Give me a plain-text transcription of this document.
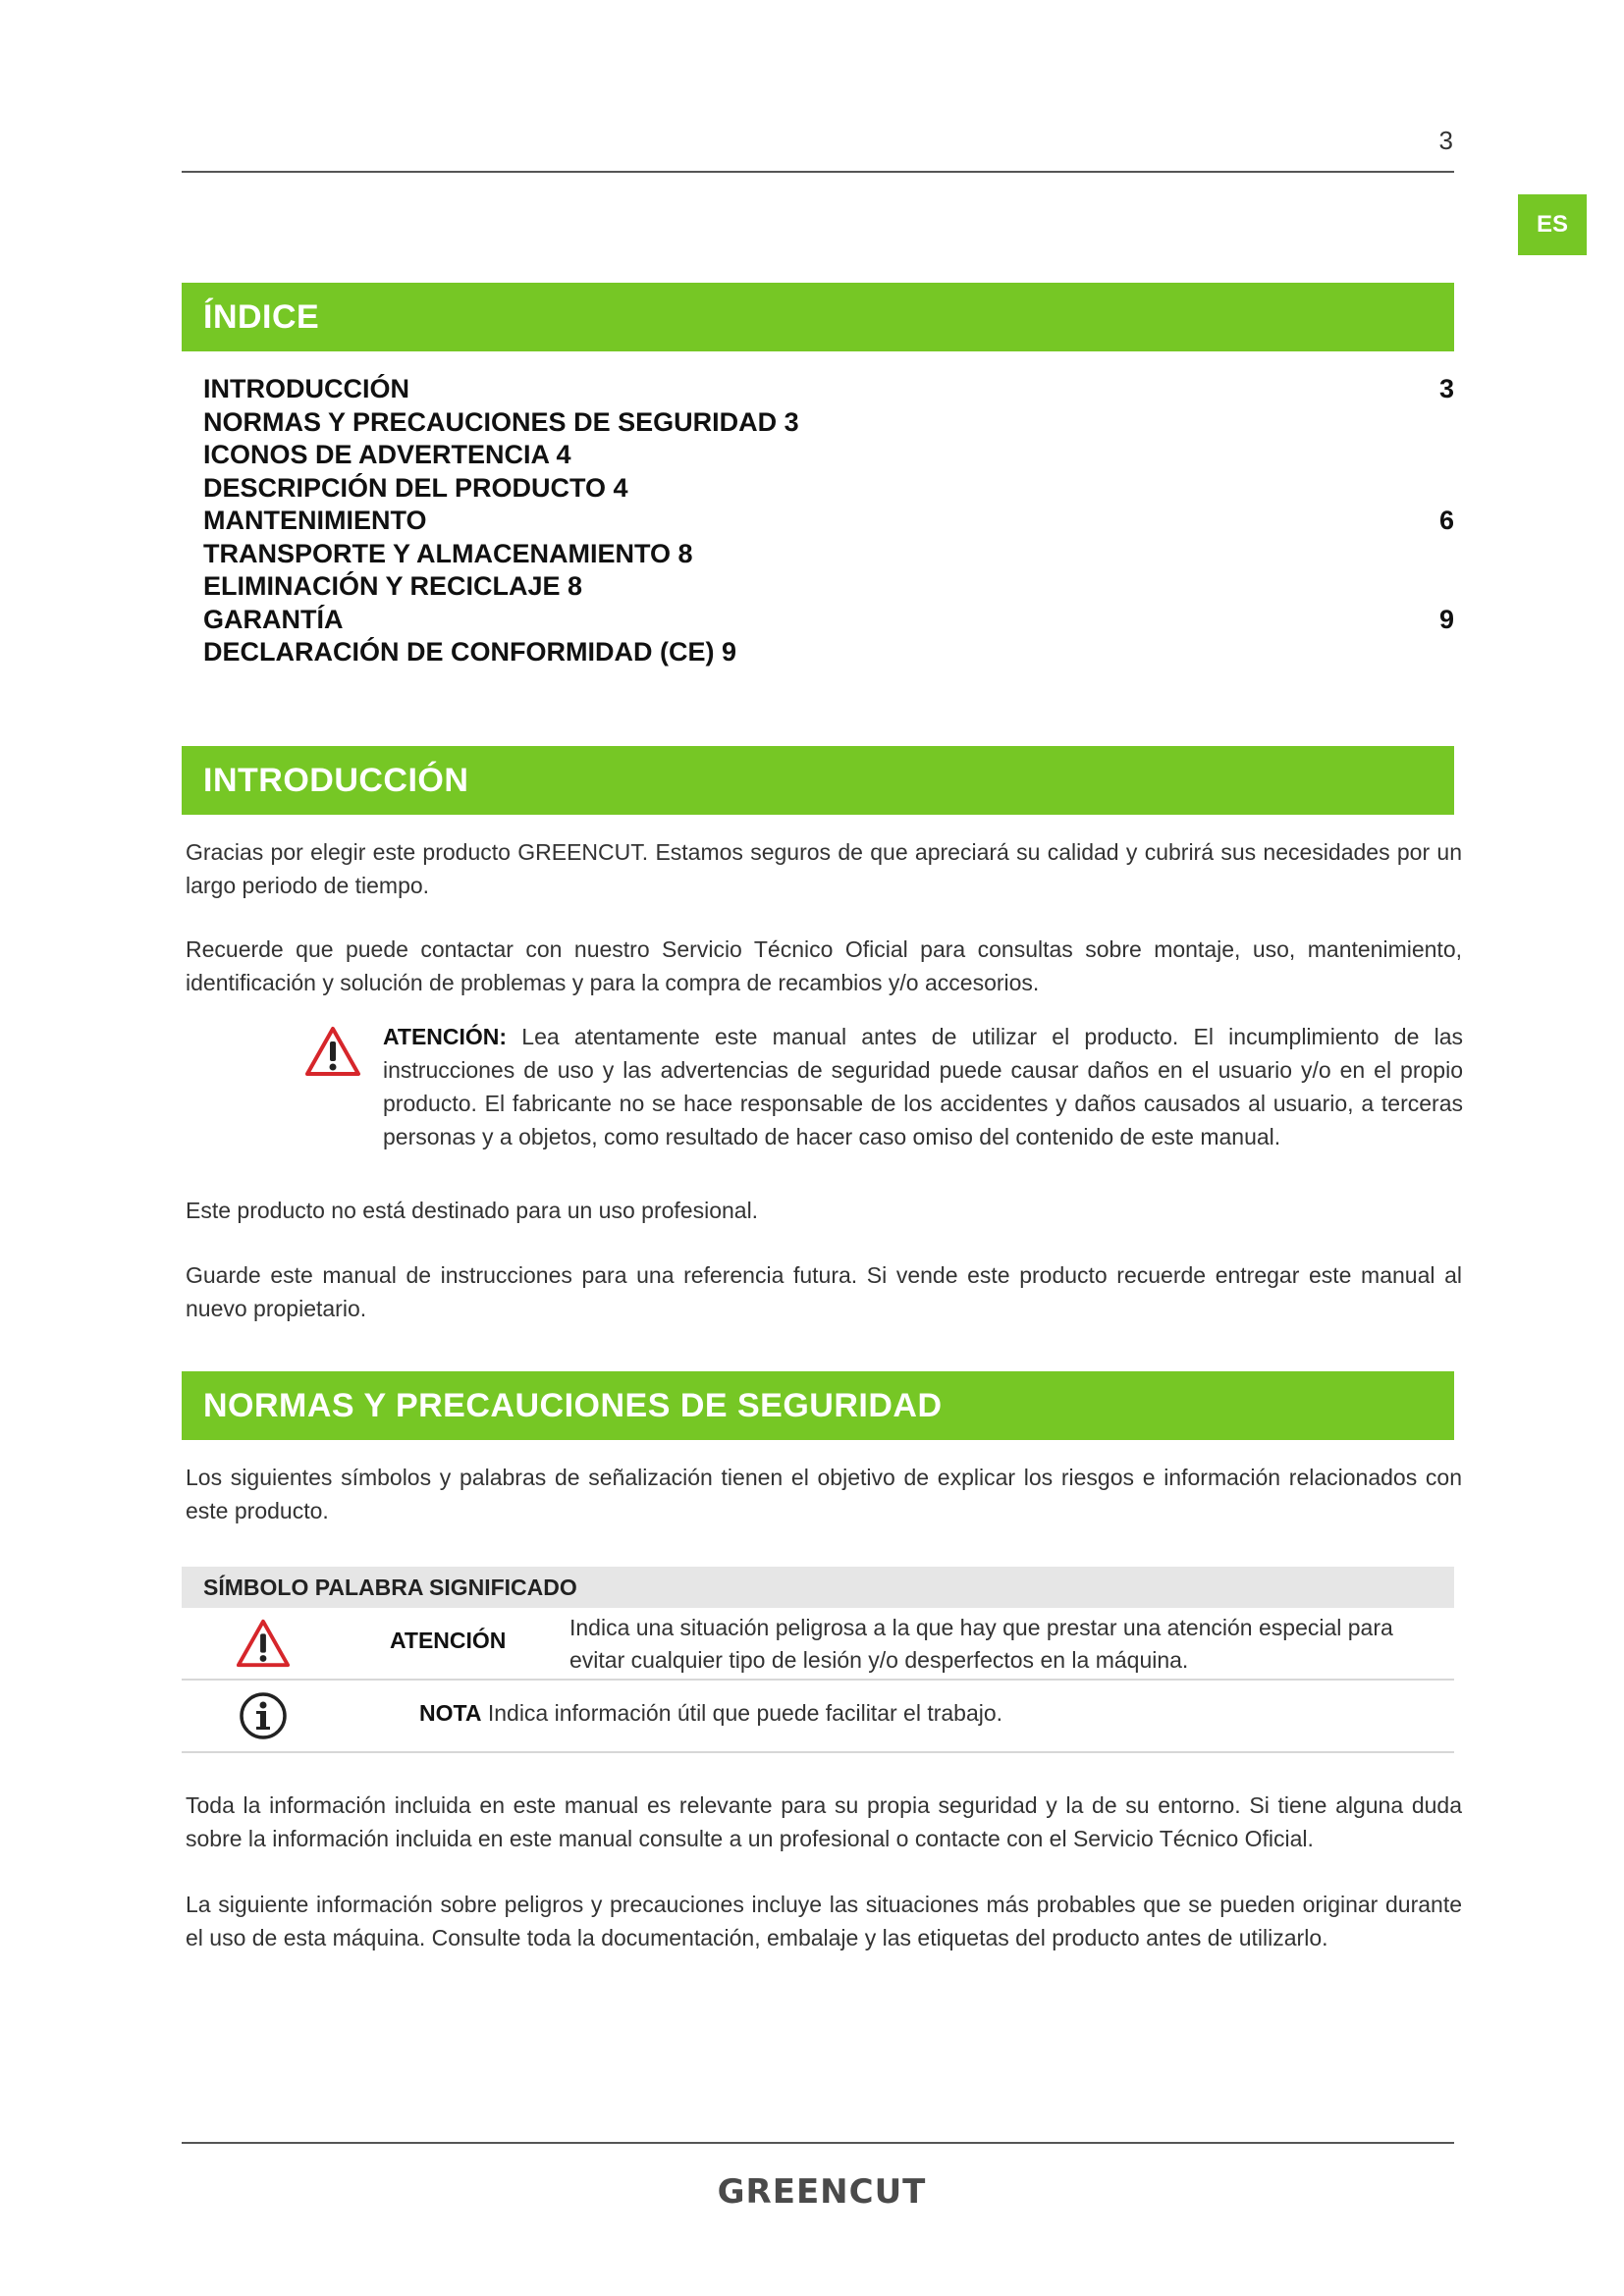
3
ES
ÍNDICE
INTRODUCCIÓN	3
NORMAS Y PRECAUCIONES DE SEGURIDAD 3
ICONOS DE ADVERTENCIA 4
DESCRIPCIÓN DEL PRODUCTO 4
MANTENIMIENTO	6
TRANSPORTE Y ALMACENAMIENTO 8
ELIMINACIÓN Y RECICLAJE 8
GARANTÍA	9
DECLARACIÓN DE CONFORMIDAD (CE) 9
INTRODUCCIÓN

Gracias por elegir este producto GREENCUT. Estamos seguros de que apreciará su calidad y cubrirá sus necesidades por un largo periodo de tiempo.

Recuerde que puede contactar con nuestro Servicio Técnico Oficial para consultas sobre montaje, uso, mantenimiento, identificación y solución de problemas y para la compra de recambios y/o accesorios.

ATENCIÓN: Lea atentamente este manual antes de utilizar el producto. El incumplimiento de las instrucciones de uso y las advertencias de seguridad puede causar daños en el usuario y/o en el propio producto. El fabricante no se hace responsable de los accidentes y daños causados al usuario, a terceras personas y a objetos, como resultado de hacer caso omiso del contenido de este manual.

Este producto no está destinado para un uso profesional.

Guarde este manual de instrucciones para una referencia futura. Si vende este producto recuerde entregar este manual al nuevo propietario.

NORMAS Y PRECAUCIONES DE SEGURIDAD

Los siguientes símbolos y palabras de señalización tienen el objetivo de explicar los riesgos e información relacionados con este producto.

SÍMBOLO PALABRA SIGNIFICADO
ATENCIÓN	Indica una situación peligrosa a la que hay que prestar una atención especial para evitar cualquier tipo de lesión y/o desperfectos en la máquina.
NOTA Indica información útil que puede facilitar el trabajo.

Toda la información incluida en este manual es relevante para su propia seguridad y la de su entorno. Si tiene alguna duda sobre la información incluida en este manual consulte a un profesional o contacte con el Servicio Técnico Oficial.

La siguiente información sobre peligros y precauciones incluye las situaciones más probables que se pueden originar durante el uso de esta máquina. Consulte toda la documentación, embalaje y las etiquetas del producto antes de utilizarlo.

GREENCUT
